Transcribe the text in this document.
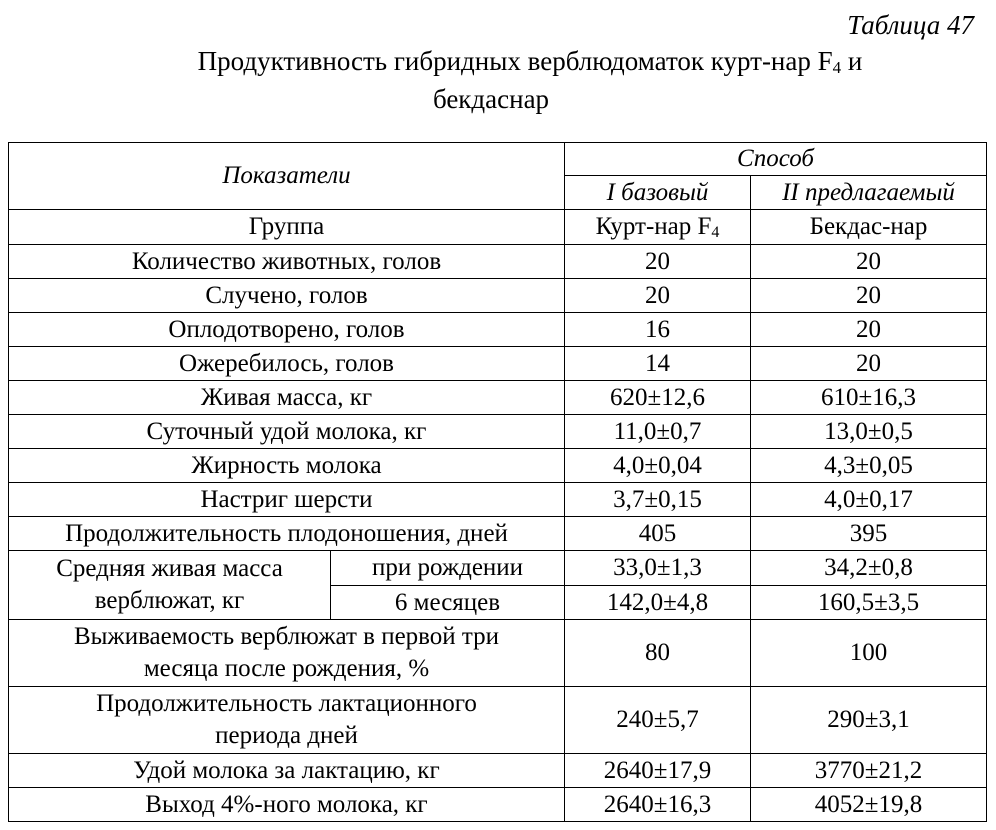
Таблица 47
Продуктивность гибридных верблюдоматок курт-нар $F_4$ и
бекдаснар
Показатели		Способ	
		I базовый	II предлагаемый
Группа		Курт-нар $F_4$	Бекдас-нар
Количество животных, голов		20	20
Случено, голов		20	20
Оплодотворено, голов		16	20
Ожеребилось, голов		14	20
Живая масса, кг		620±12,6	610±16,3
Суточный удой молока, кг		11,0±0,7	13,0±0,5
Жирность молока		4,0±0,04	4,3±0,05
Настриг шерсти		3,7±0,15	4,0±0,17
Продолжительность плодоношения, дней		405	395
Средняя живая масса
верблюжат, кг	при рождении	33,0±1,3	34,2±0,8
	6 месяцев	142,0±4,8	160,5±3,5
Выживаемость верблюжат в первой три
месяца после рождения, %		80	100
Продолжительность лактационного
периода дней		240±5,7	290±3,1
Удой молока за лактацию, кг		2640±17,9	3770±21,2
Выход 4%-ного молока, кг		2640±16,3	4052±19,8
